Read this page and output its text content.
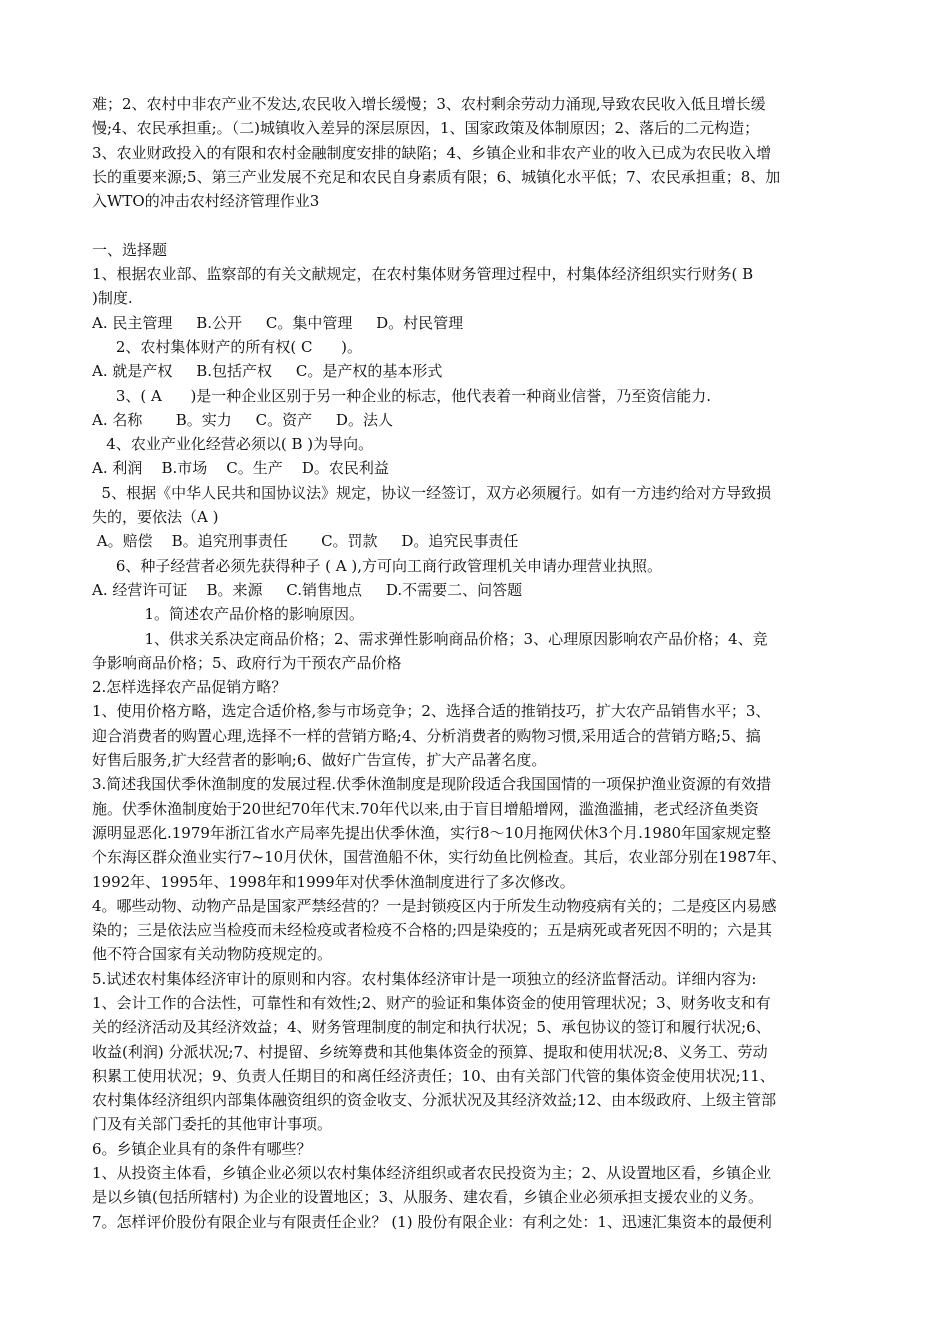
难；2、农村中非农产业不发达,农民收入增长缓慢；3、农村剩余劳动力涌现,导致农民收入低且增长缓
慢;4、农民承担重;。（二)城镇收入差异的深层原因，1、国家政策及体制原因；2、落后的二元构造；
3、农业财政投入的有限和农村金融制度安排的缺陷；4、乡镇企业和非农产业的收入已成为农民收入增
长的重要来源;5、第三产业发展不充足和农民自身素质有限；6、城镇化水平低；7、农民承担重；8、加
入WTO的冲击农村经济管理作业3
一、选择题
1、根据农业部、监察部的有关文献规定，在农村集体财务管理过程中，村集体经济组织实行财务( B
)制度.
A. 民主管理     B.公开     C。集中管理     D。村民管理
2、农村集体财产的所有权( C      )。
A. 就是产权     B.包括产权     C。是产权的基本形式
3、( A      )是一种企业区别于另一种企业的标志，他代表着一种商业信誉，乃至资信能力.
A. 名称       B。实力     C。资产     D。法人
4、农业产业化经营必须以( B )为导向。
A. 利润    B.市场    C。生产    D。农民利益
5、根据《中华人民共和国协议法》规定，协议一经签订，双方必须履行。如有一方违约给对方导致损
失的，要依法（A )
A。赔偿    B。追究刑事责任       C。罚款     D。追究民事责任
6、种子经营者必须先获得种子 ( A ),方可向工商行政管理机关申请办理营业执照。
A. 经营许可证    B。来源     C.销售地点     D.不需要二、问答题
1。简述农产品价格的影响原因。
1、供求关系决定商品价格；2、需求弹性影响商品价格；3、心理原因影响农产品价格；4、竞
争影响商品价格；5、政府行为干预农产品价格
2.怎样选择农产品促销方略？
1、使用价格方略，选定合适价格,参与市场竞争；2、选择合适的推销技巧，扩大农产品销售水平；3、
迎合消费者的购置心理,选择不一样的营销方略;4、分析消费者的购物习惯,采用适合的营销方略;5、搞
好售后服务,扩大经营者的影响;6、做好广告宣传，扩大产品著名度。
3.简述我国伏季休渔制度的发展过程.伏季休渔制度是现阶段适合我国国情的一项保护渔业资源的有效措
施。伏季休渔制度始于20世纪70年代末.70年代以来,由于盲目增船增网，滥渔滥捕，老式经济鱼类资
源明显恶化.1979年浙江省水产局率先提出伏季休渔，实行8～10月拖网伏休3个月.1980年国家规定整
个东海区群众渔业实行7~10月伏休，国营渔船不休，实行幼鱼比例检查。其后，农业部分别在1987年、
1992年、1995年、1998年和1999年对伏季休渔制度进行了多次修改。
4。哪些动物、动物产品是国家严禁经营的？一是封锁疫区内于所发生动物疫病有关的；二是疫区内易感
染的；三是依法应当检疫而未经检疫或者检疫不合格的;四是染疫的；五是病死或者死因不明的；六是其
他不符合国家有关动物防疫规定的。
5.试述农村集体经济审计的原则和内容。农村集体经济审计是一项独立的经济监督活动。详细内容为:
1、会计工作的合法性，可靠性和有效性;2、财产的验证和集体资金的使用管理状况；3、财务收支和有
关的经济活动及其经济效益；4、财务管理制度的制定和执行状况；5、承包协议的签订和履行状况;6、
收益(利润) 分派状况;7、村提留、乡统筹费和其他集体资金的预算、提取和使用状况;8、义务工、劳动
积累工使用状况；9、负责人任期目的和离任经济责任；10、由有关部门代管的集体资金使用状况;11、
农村集体经济组织内部集体融资组织的资金收支、分派状况及其经济效益;12、由本级政府、上级主管部
门及有关部门委托的其他审计事项。
6。乡镇企业具有的条件有哪些？
1、从投资主体看，乡镇企业必须以农村集体经济组织或者农民投资为主；2、从设置地区看，乡镇企业
是以乡镇(包括所辖村) 为企业的设置地区；3、从服务、建农看，乡镇企业必须承担支援农业的义务。
7。怎样评价股份有限企业与有限责任企业？ (1) 股份有限企业：有利之处：1、迅速汇集资本的最便利
